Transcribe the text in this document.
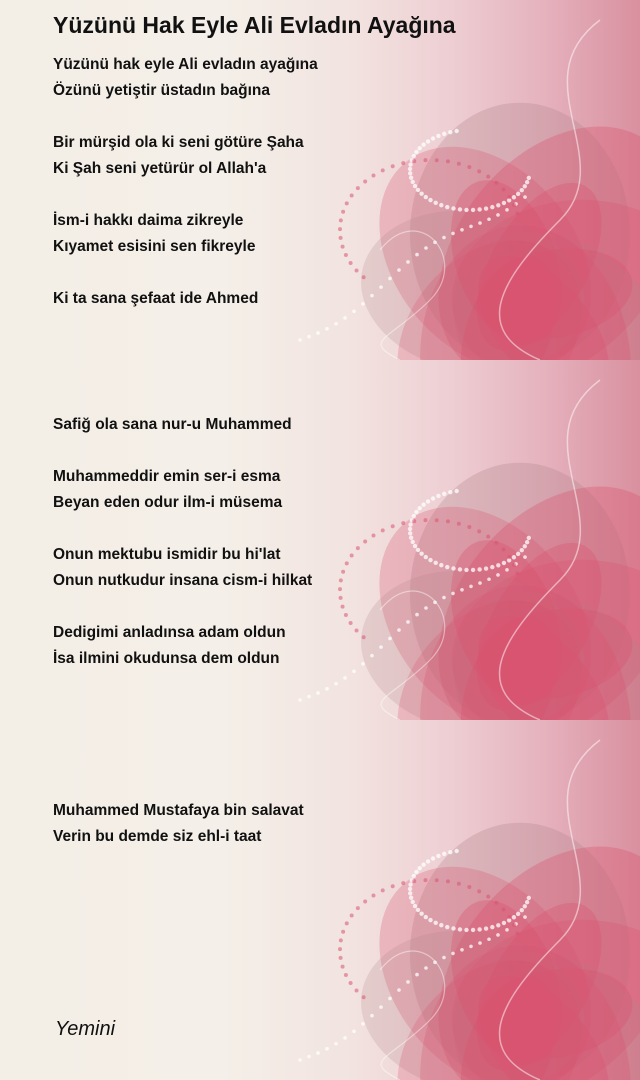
Yüzünü Hak Eyle Ali Evladın Ayağına
Yüzünü hak eyle Ali evladın ayağına
Özünü yetiştir üstadın bağına
Bir mürşid ola ki seni götüre Şaha
Ki Şah seni yetürür ol Allah'a
İsm-i hakkı daima zikreyle
Kıyamet esisini sen fikreyle
Ki ta sana şefaat ide Ahmed
Safiğ ola sana nur-u Muhammed
Muhammeddir emin ser-i esma
Beyan eden odur ilm-i müsema
Onun mektubu ismidir bu hi'lat
Onun nutkudur insana cism-i hilkat
Dedigimi anladınsa adam oldun
İsa ilmini okudunsa dem oldun
Muhammed Mustafaya bin salavat
Verin bu demde siz ehl-i taat
Yemini
